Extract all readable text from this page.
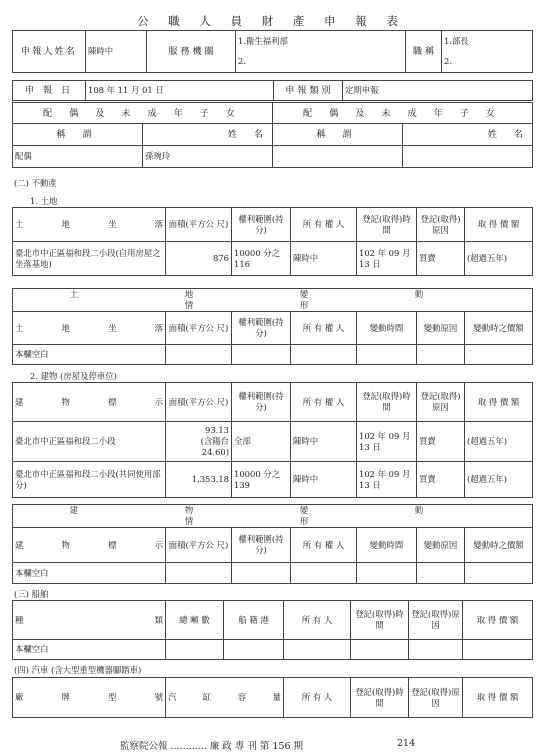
公 職 人 員 財 產 申 報 表
申報人姓名	陳時中	服 務 機 關	1.衛生福利部	職 稱	1.部長
			2.		2.
申 報 日	108 年 11 月 01 日	申 報 類 別	定期申報
配 偶 及 未 成 年 子 女		配 偶 及 未 成 年 子 女	
稱 謂	姓 名	稱 謂	姓 名
配偶	孫琬玲		
(二) 不動產
1. 土地
土 地 坐 落	面積(平方公 尺)	權利範圍(持 分)	所 有 權 人	登記(取得)時間	登記(取得)原因	取 得 價 額
臺北市中正區福和段二小段(自用房屋之坐落基地)	876	10000 分之116	陳時中	102 年 09 月 13 日	買賣	(超過五年)
土 地 變 動 情 形						
土 地 坐 落	面積(平方公 尺)	權利範圍(持 分)	所 有 權 人	變動時間	變動原因	變動時之價額
本欄空白						
2. 建物 (房屋及停車位)
建 物 標 示	面積(平方公 尺)	權利範圍(持 分)	所 有 權 人	登記(取得)時間	登記(取得)原因	取 得 價 額
臺北市中正區福和段二小段	93.13
(含陽台
24.60)	全部	陳時中	102 年 09 月 13 日	買賣	(超過五年)
臺北市中正區福和段二小段(共同使用部分)	1,353.18	10000 分之139	陳時中	102 年 09 月 13 日	買賣	(超過五年)
建 物 變 動 情 形						
建 物 標 示	面積(平方公 尺)	權利範圍(持 分)	所 有 權 人	變動時間	變動原因	變動時之價額
本欄空白						
(三) 船舶
種 類	總 噸 數	船 籍 港	所 有 人	登記(取得)時間	登記(取得)原因	取 得 價 額
本欄空白						
(四) 汽車 (含大型重型機器腳踏車)
廠 牌 型 號	汽 缸 容 量	所 有 人	登記(取得)時間	登記(取得)原因	取 得 價 額
監察院公報 ............ 廉 政 專 刊 第 156 期	214
